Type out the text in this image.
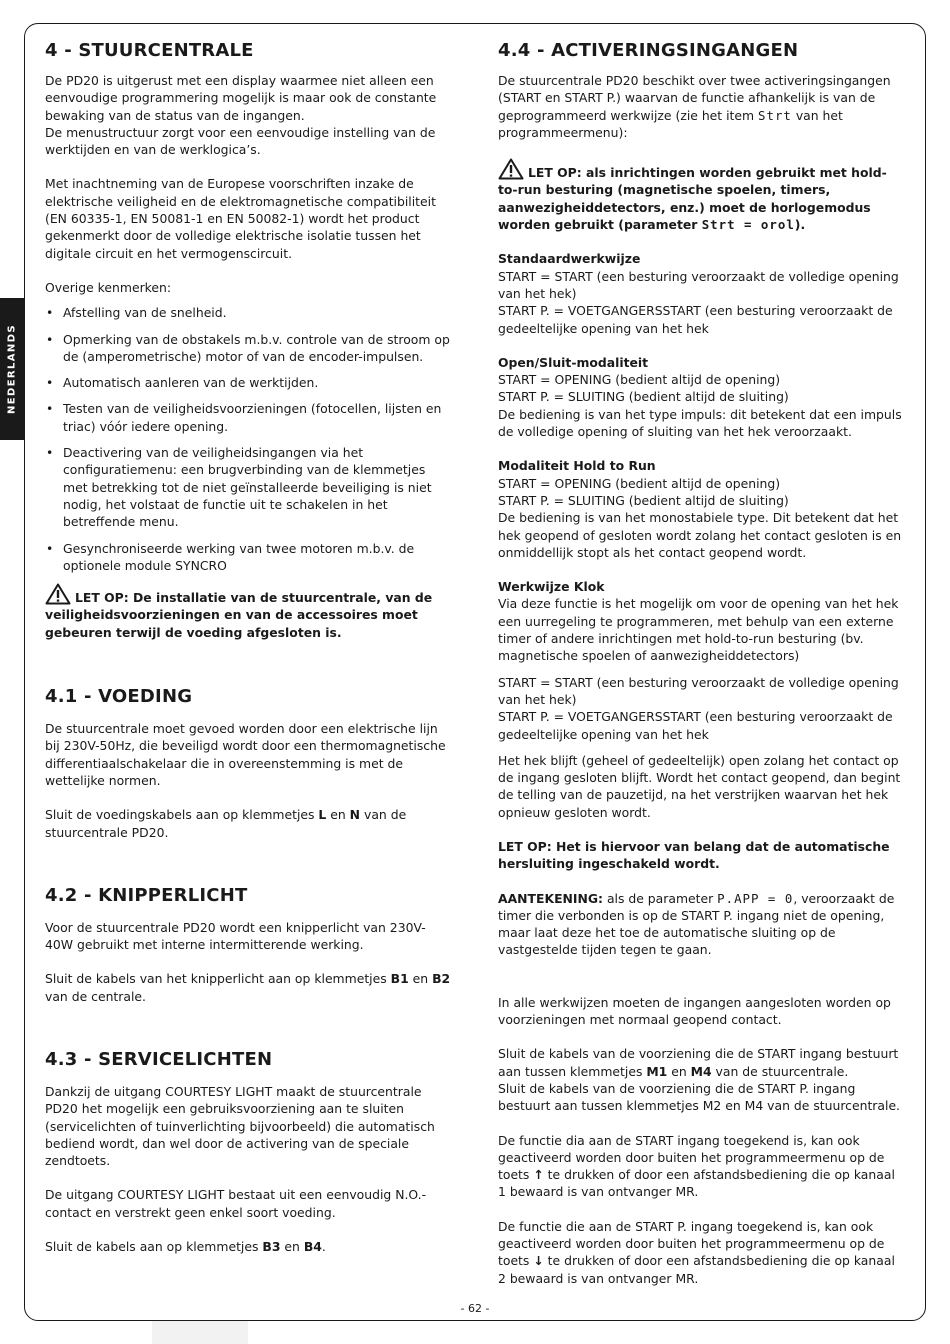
NEDERLANDS
4 - STUURCENTRALE

De PD20 is uitgerust met een display waarmee niet alleen een eenvoudige programmering mogelijk is maar ook de constante bewaking van de status van de ingangen.

De menustructuur zorgt voor een eenvoudige instelling van de werktijden en van de werklogica’s.

Met inachtneming van de Europese voorschriften inzake de elektrische veiligheid en de elektromagnetische compatibiliteit (EN 60335-1, EN 50081-1 en EN 50082-1) wordt het product gekenmerkt door de volledige elektrische isolatie tussen het digitale circuit en het vermogenscircuit.

Overige kenmerken:

• Afstelling van de snelheid.
• Opmerking van de obstakels m.b.v. controle van de stroom op de (amperometrische) motor of van de encoder-impulsen.
• Automatisch aanleren van de werktijden.
• Testen van de veiligheidsvoorzieningen (fotocellen, lijsten en triac) vóór iedere opening.
• Deactivering van de veiligheidsingangen via het configuratiemenu: een brugverbinding van de klemmetjes met betrekking tot de niet geïnstalleerde beveiliging is niet nodig, het volstaat de functie uit te schakelen in het betreffende menu.
• Gesynchroniseerde werking van twee motoren m.b.v. de optionele module SYNCRO

LET OP: De installatie van de stuurcentrale, van de veiligheidsvoorzieningen en van de accessoires moet gebeuren terwijl de voeding afgesloten is.

4.1 - VOEDING

De stuurcentrale moet gevoed worden door een elektrische lijn bij 230V-50Hz, die beveiligd wordt door een thermomagnetische differentiaalschakelaar die in overeenstemming is met de wettelijke normen.

Sluit de voedingskabels aan op klemmetjes L en N van de stuurcentrale PD20.

4.2 - KNIPPERLICHT

Voor de stuurcentrale PD20 wordt een knipperlicht van 230V-40W gebruikt met interne intermitterende werking.

Sluit de kabels van het knipperlicht aan op klemmetjes B1 en B2 van de centrale.

4.3 - SERVICELICHTEN

Dankzij de uitgang COURTESY LIGHT maakt de stuurcentrale PD20 het mogelijk een gebruiksvoorziening aan te sluiten (servicelichten of tuinverlichting bijvoorbeeld) die automatisch bediend wordt, dan wel door de activering van de speciale zendtoets.

De uitgang COURTESY LIGHT bestaat uit een eenvoudig N.O.-contact en verstrekt geen enkel soort voeding.

Sluit de kabels aan op klemmetjes B3 en B4.

4.4 - ACTIVERINGSINGANGEN

De stuurcentrale PD20 beschikt over twee activeringsingangen (START en START P.) waarvan de functie afhankelijk is van de geprogrammeerd werkwijze (zie het item Strt van het programmeermenu):

LET OP: als inrichtingen worden gebruikt met hold-to-run besturing (magnetische spoelen, timers, aanwezigheiddetectors, enz.) moet de horlogemodus worden gebruikt (parameter Strt = orol).

Standaardwerkwijze

START = START (een besturing veroorzaakt de volledige opening van het hek)

START P. = VOETGANGERSSTART (een besturing veroorzaakt de gedeeltelijke opening van het hek

Open/Sluit-modaliteit

START = OPENING (bedient altijd de opening)

START P. = SLUITING (bedient altijd de sluiting)

De bediening is van het type impuls: dit betekent dat een impuls de volledige opening of sluiting van het hek veroorzaakt.

Modaliteit Hold to Run

START = OPENING (bedient altijd de opening)

START P. = SLUITING (bedient altijd de sluiting)

De bediening is van het monostabiele type. Dit betekent dat het hek geopend of gesloten wordt zolang het contact gesloten is en onmiddellijk stopt als het contact geopend wordt.

Werkwijze Klok

Via deze functie is het mogelijk om voor de opening van het hek een uurregeling te programmeren, met behulp van een externe timer of andere inrichtingen met hold-to-run besturing (bv. magnetische spoelen of aanwezigheiddetectors)

START = START (een besturing veroorzaakt de volledige opening van het hek)

START P. = VOETGANGERSSTART (een besturing veroorzaakt de gedeeltelijke opening van het hek

Het hek blijft (geheel of gedeeltelijk) open zolang het contact op de ingang gesloten blijft. Wordt het contact geopend, dan begint de telling van de pauzetijd, na het verstrijken waarvan het hek opnieuw gesloten wordt.

LET OP: Het is hiervoor van belang dat de automatische hersluiting ingeschakeld wordt.

AANTEKENING: als de parameter P.APP = 0, veroorzaakt de timer die verbonden is op de START P. ingang niet de opening, maar laat deze het toe de automatische sluiting op de vastgestelde tijden tegen te gaan.

In alle werkwijzen moeten de ingangen aangesloten worden op voorzieningen met normaal geopend contact.

Sluit de kabels van de voorziening die de START ingang bestuurt aan tussen klemmetjes M1 en M4 van de stuurcentrale.

Sluit de kabels van de voorziening die de START P. ingang bestuurt aan tussen klemmetjes M2 en M4 van de stuurcentrale.

De functie dia aan de START ingang toegekend is, kan ook geactiveerd worden door buiten het programmeermenu op de toets ↑ te drukken of door een afstandsbediening die op kanaal 1 bewaard is van ontvanger MR.

De functie die aan de START P. ingang toegekend is, kan ook geactiveerd worden door buiten het programmeermenu op de toets ↓ te drukken of door een afstandsbediening die op kanaal 2 bewaard is van ontvanger MR.

- 62 -
